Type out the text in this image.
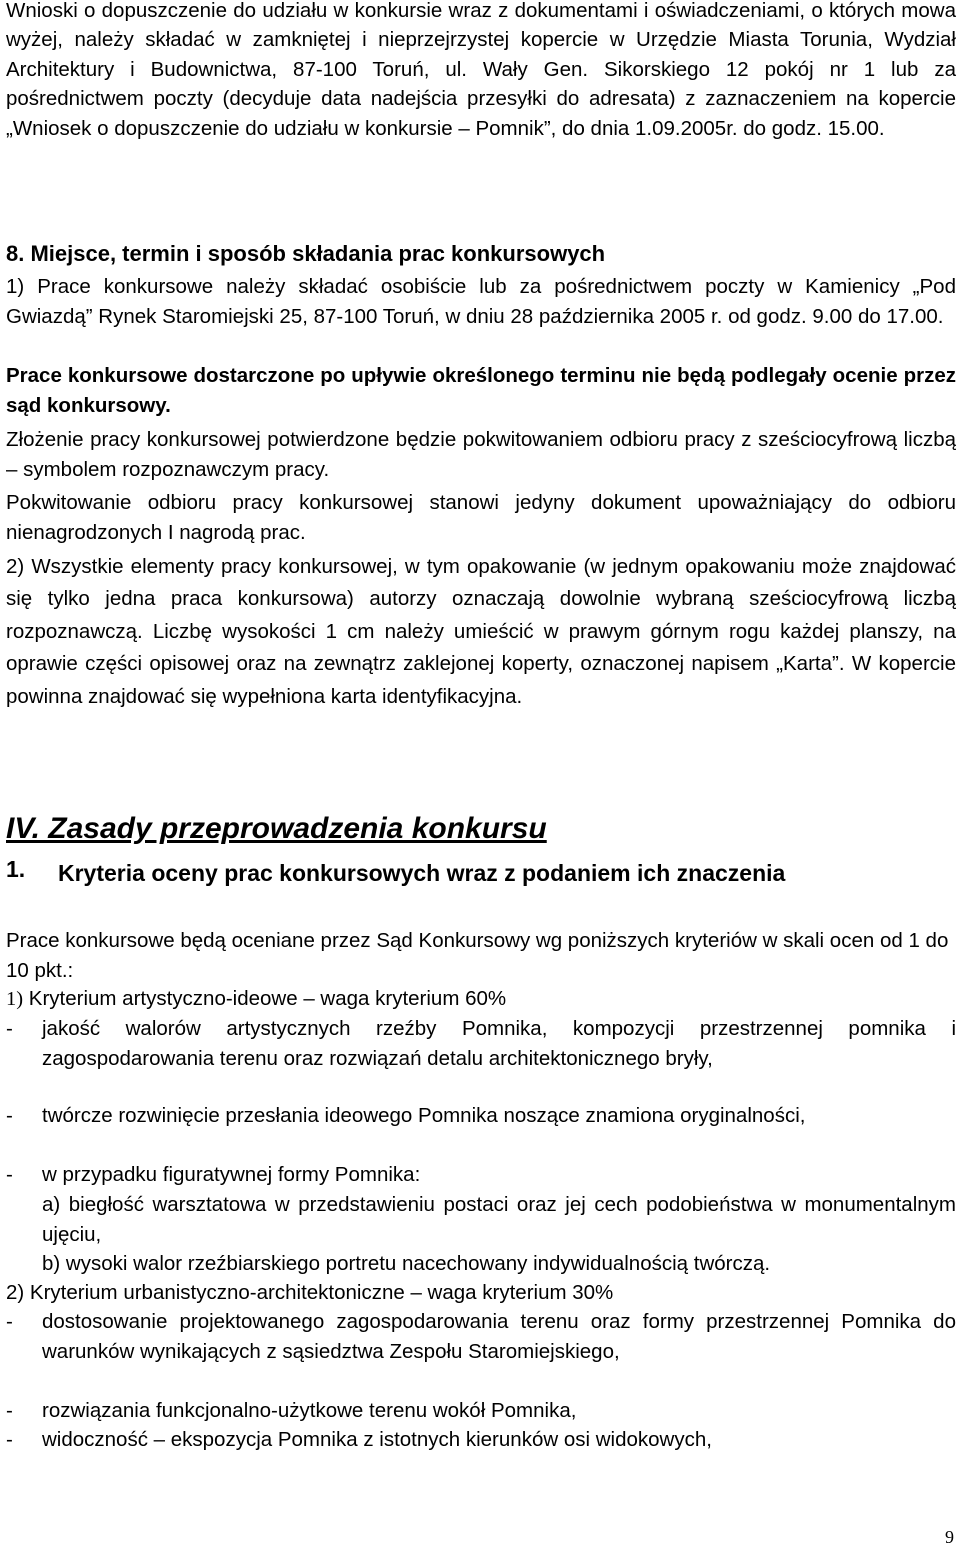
Wnioski o dopuszczenie do udziału w konkursie wraz z dokumentami i oświadczeniami, o których mowa wyżej, należy składać w zamkniętej i nieprzejrzystej kopercie w Urzędzie Miasta Torunia, Wydział Architektury i Budownictwa, 87-100 Toruń, ul. Wały Gen. Sikorskiego 12 pokój nr 1 lub za pośrednictwem poczty (decyduje data nadejścia przesyłki do adresata) z zaznaczeniem na kopercie „Wniosek o dopuszczenie do udziału w konkursie – Pomnik”, do dnia 1.09.2005r. do godz. 15.00.
8. Miejsce, termin i sposób składania prac konkursowych
1) Prace konkursowe należy składać osobiście lub za pośrednictwem poczty w Kamienicy „Pod Gwiazdą” Rynek Staromiejski 25, 87-100 Toruń, w dniu 28 października 2005 r. od godz. 9.00 do 17.00.
Prace konkursowe dostarczone po upływie określonego terminu nie będą podlegały ocenie przez sąd konkursowy.
Złożenie pracy konkursowej potwierdzone będzie pokwitowaniem odbioru pracy z sześciocyfrową liczbą – symbolem rozpoznawczym pracy.
Pokwitowanie odbioru pracy konkursowej stanowi jedyny dokument upoważniający do odbioru nienagrodzonych I nagrodą prac.
2) Wszystkie elementy pracy konkursowej, w tym opakowanie (w jednym opakowaniu może znajdować się tylko jedna praca konkursowa) autorzy oznaczają dowolnie wybraną sześciocyfrową liczbą rozpoznawczą. Liczbę wysokości 1 cm należy umieścić w prawym górnym rogu każdej planszy, na oprawie części opisowej oraz na zewnątrz zaklejonej koperty, oznaczonej napisem „Karta”. W kopercie powinna znajdować się wypełniona karta identyfikacyjna.
IV. Zasady przeprowadzenia konkursu
1. Kryteria oceny prac konkursowych wraz z podaniem ich znaczenia
Prace konkursowe będą oceniane przez Sąd Konkursowy wg poniższych kryteriów w skali ocen od 1 do 10 pkt.:
1) Kryterium artystyczno-ideowe – waga kryterium 60%
- jakość walorów artystycznych rzeźby Pomnika, kompozycji przestrzennej pomnika i zagospodarowania terenu oraz rozwiązań detalu architektonicznego bryły,
- twórcze rozwinięcie przesłania ideowego Pomnika noszące znamiona oryginalności,
- w przypadku figuratywnej formy Pomnika:
a) biegłość warsztatowa w przedstawieniu postaci oraz jej cech podobieństwa w monumentalnym ujęciu,
b) wysoki walor rzeźbiarskiego portretu nacechowany indywidualnością twórczą.
2) Kryterium urbanistyczno-architektoniczne – waga kryterium 30%
- dostosowanie projektowanego zagospodarowania terenu oraz formy przestrzennej Pomnika do warunków wynikających z sąsiedztwa Zespołu Staromiejskiego,
- rozwiązania funkcjonalno-użytkowe terenu wokół Pomnika,
- widoczność – ekspozycja Pomnika z istotnych kierunków osi widokowych,
9
